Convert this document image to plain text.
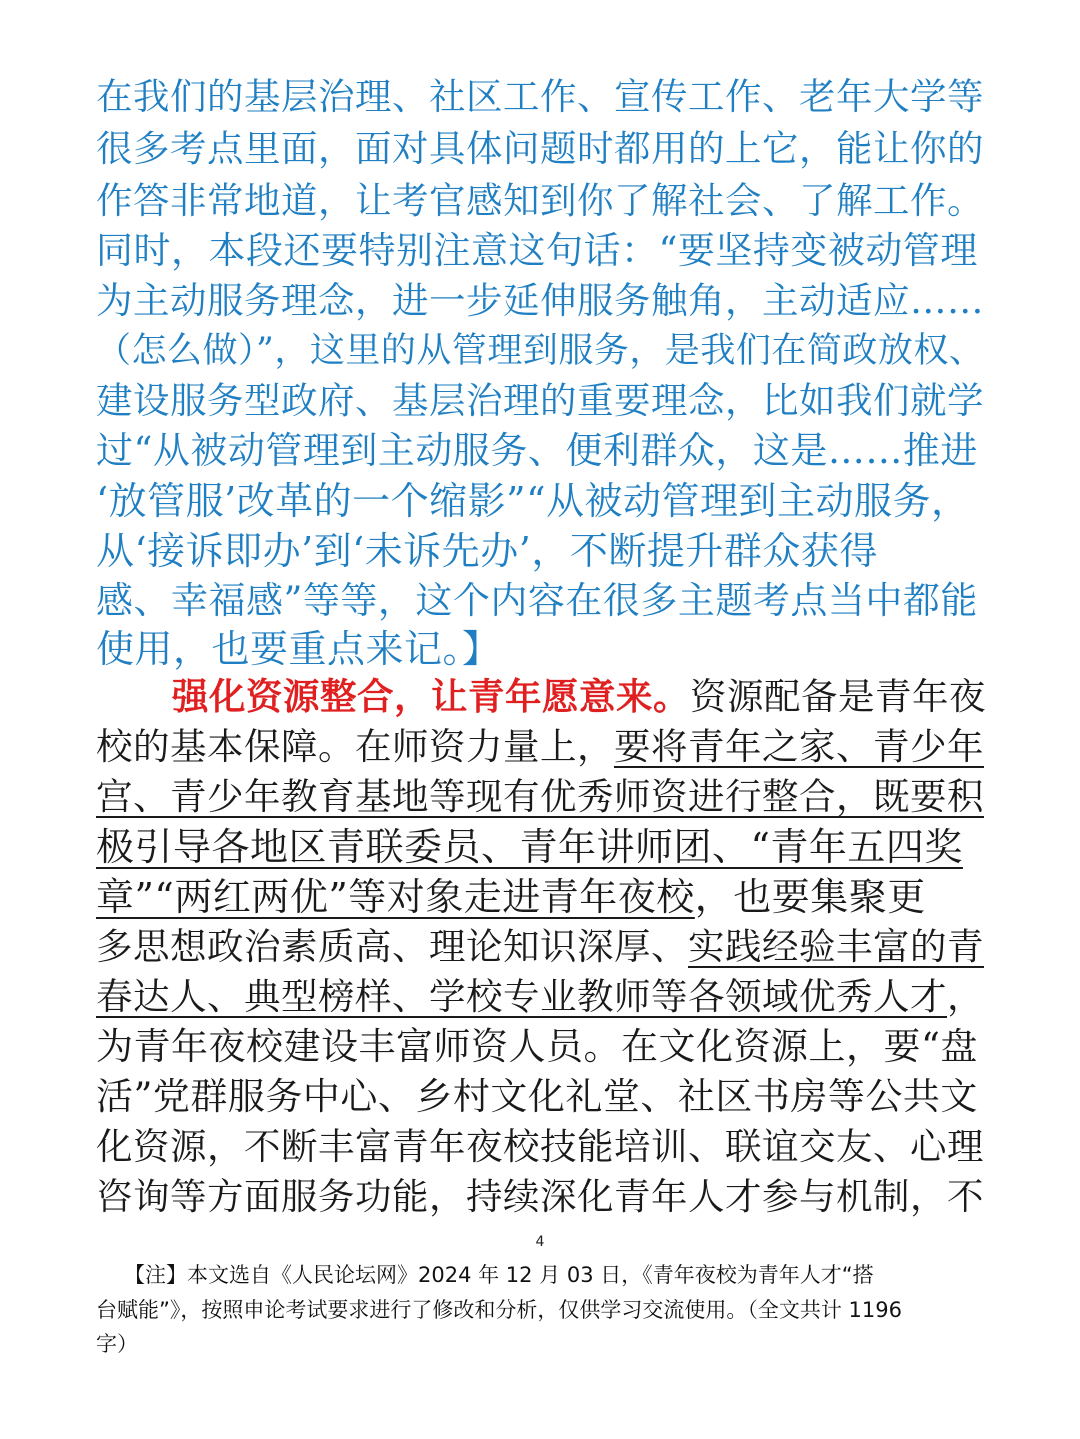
在我们的基层治理、社区工作、宣传工作、老年大学等
很多考点里面，面对具体问题时都用的上它，能让你的
作答非常地道，让考官感知到你了解社会、了解工作。
同时，本段还要特别注意这句话：“要坚持变被动管理
为主动服务理念，进一步延伸服务触角，主动适应……
（怎么做）”，这里的从管理到服务，是我们在简政放权、
建设服务型政府、基层治理的重要理念，比如我们就学
过“从被动管理到主动服务、便利群众，这是……推进
‘放管服’改革的一个缩影”“从被动管理到主动服务，
从‘接诉即办’到‘未诉先办’，不断提升群众获得
感、幸福感”等等，这个内容在很多主题考点当中都能
使用，也要重点来记。】
强化资源整合，让青年愿意来。资源配备是青年夜
校的基本保障。在师资力量上，要将青年之家、青少年
宫、青少年教育基地等现有优秀师资进行整合，既要积
极引导各地区青联委员、青年讲师团、“青年五四奖
章”“两红两优”等对象走进青年夜校，也要集聚更
多思想政治素质高、理论知识深厚、实践经验丰富的青
春达人、典型榜样、学校专业教师等各领域优秀人才，
为青年夜校建设丰富师资人员。在文化资源上，要“盘
活”党群服务中心、乡村文化礼堂、社区书房等公共文
化资源，不断丰富青年夜校技能培训、联谊交友、心理
咨询等方面服务功能，持续深化青年人才参与机制，不
4
【注】本文选自《人民论坛网》2024 年 12 月 03 日，《青年夜校为青年人才“搭
台赋能”》，按照申论考试要求进行了修改和分析，仅供学习交流使用。（全文共计 1196
字）
